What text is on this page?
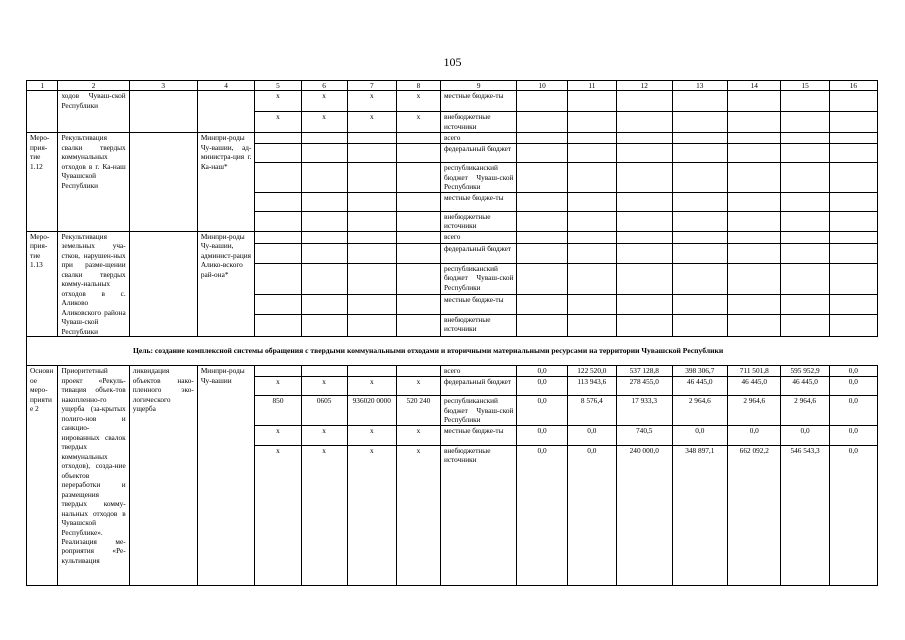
105
1	2	3	4	5	6	7	8	9	10	11	12	13	14	15	16
	ходов Чуваш-ской Республики			х	х	х	х	местные бюдже-ты							
				х	х	х	х	внебюджетные источники							
Меро-прия-тие 1.12	Рекультивация свалки твердых коммунальных отходов в г. Ка-наш Чувашской Республики		Минпри-роды Чу-вашии, ад-министра-ция г. Ка-наш*					всего							
								федеральный бюджет							
								республиканский бюджет Чуваш-ской Республики							
								местные бюдже-ты							
								внебюджетные источники							
Меро-прия-тие 1.13	Рекультивация земельных уча-стков, нарушен-ных при разме-щении свалки твердых комму-нальных отходов в с. Аликово Аликовского района Чуваш-ской Республики		Минпри-роды Чу-вашии, админист-рация Алико-вского рай-она*					всего							
								федеральный бюджет							
								республиканский бюджет Чуваш-ской Республики							
								местные бюдже-ты							
								внебюджетные источники							
Цель: создание комплексной системы обращения с твердыми коммунальными отходами и вторичными материальными ресурсами на территории Чувашской Республики															
Основное меро-приятие 2	Приоритетный проект «Рекуль-тивация объек-тов накопленно-го ущерба (за-крытых полиго-нов и санкцио-нированных свалок твердых коммунальных отходов), созда-ние объектов переработки и размещения твердых комму-нальных отходов в Чувашской Республике». Реализация ме-роприятия «Ре-культивация	ликвидация объектов нако-пленного эко-логического ущерба	Минпри-роды Чу-вашии					всего	0,0	122 520,0	537 128,8	398 306,7	711 501,8	595 952,9	0,0
				х	х	х	х	федеральный бюджет	0,0	113 943,6	278 455,0	46 445,0	46 445,0	46 445,0	0,0
				850	0605	936020 0000	520 240	республиканский бюджет Чуваш-ской Республики	0,0	8 576,4	17 933,3	2 964,6	2 964,6	2 964,6	0,0
				х	х	х	х	местные бюдже-ты	0,0	0,0	740,5	0,0	0,0	0,0	0,0
				х	х	х	х	внебюджетные источники	0,0	0,0	240 000,0	348 897,1	662 092,2	546 543,3	0,0
